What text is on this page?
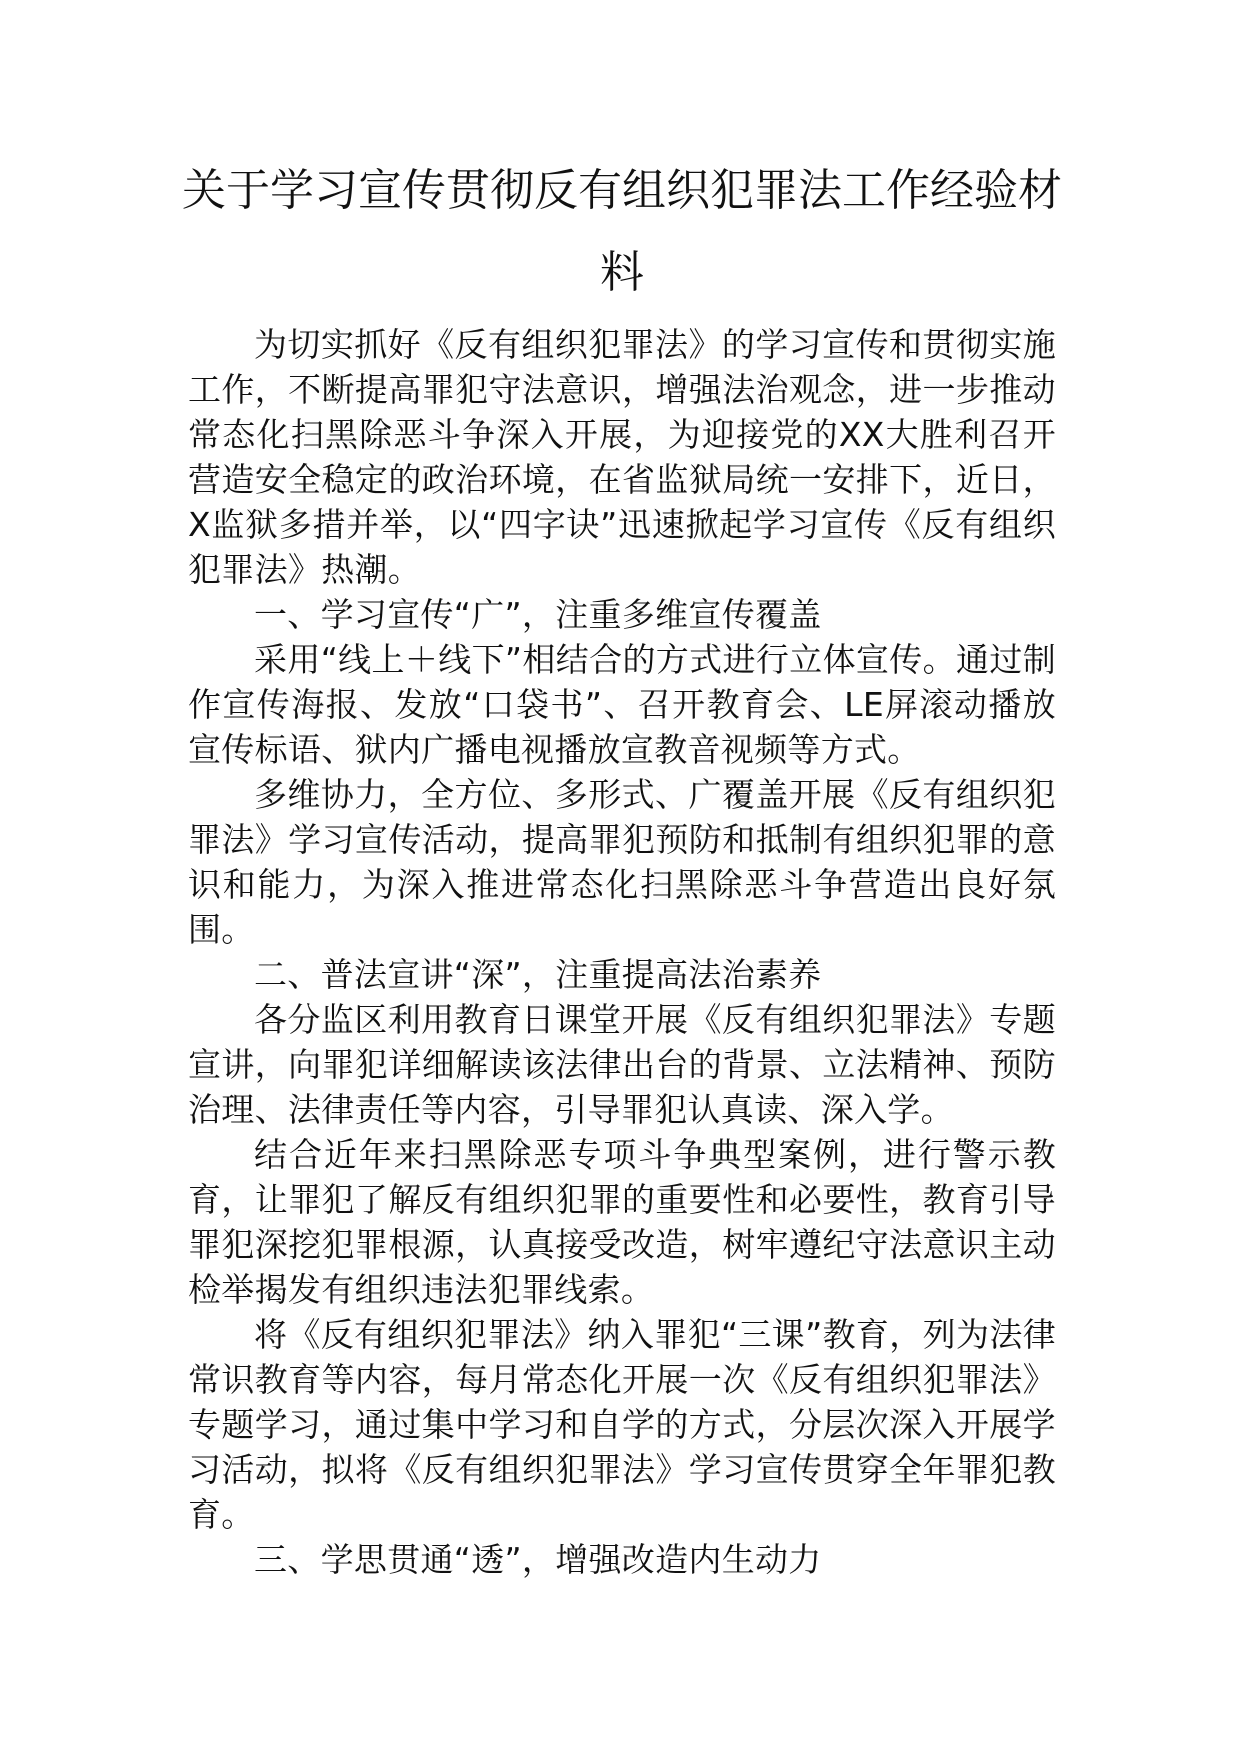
关于学习宣传贯彻反有组织犯罪法工作经验材料

为切实抓好《反有组织犯罪法》的学习宣传和贯彻实施工作，不断提高罪犯守法意识，增强法治观念，进一步推动常态化扫黑除恶斗争深入开展，为迎接党的XX大胜利召开营造安全稳定的政治环境，在省监狱局统一安排下，近日，X监狱多措并举，以“四字诀”迅速掀起学习宣传《反有组织犯罪法》热潮。

一、学习宣传“广”，注重多维宣传覆盖

采用“线上＋线下”相结合的方式进行立体宣传。通过制作宣传海报、发放“口袋书”、召开教育会、LE屏滚动播放宣传标语、狱内广播电视播放宣教音视频等方式。

多维协力，全方位、多形式、广覆盖开展《反有组织犯罪法》学习宣传活动，提高罪犯预防和抵制有组织犯罪的意识和能力，为深入推进常态化扫黑除恶斗争营造出良好氛围。

二、普法宣讲“深”，注重提高法治素养

各分监区利用教育日课堂开展《反有组织犯罪法》专题宣讲，向罪犯详细解读该法律出台的背景、立法精神、预防治理、法律责任等内容，引导罪犯认真读、深入学。

结合近年来扫黑除恶专项斗争典型案例，进行警示教育，让罪犯了解反有组织犯罪的重要性和必要性，教育引导罪犯深挖犯罪根源，认真接受改造，树牢遵纪守法意识主动检举揭发有组织违法犯罪线索。

将《反有组织犯罪法》纳入罪犯“三课”教育，列为法律常识教育等内容，每月常态化开展一次《反有组织犯罪法》专题学习，通过集中学习和自学的方式，分层次深入开展学习活动，拟将《反有组织犯罪法》学习宣传贯穿全年罪犯教育。

三、学思贯通“透”，增强改造内生动力
